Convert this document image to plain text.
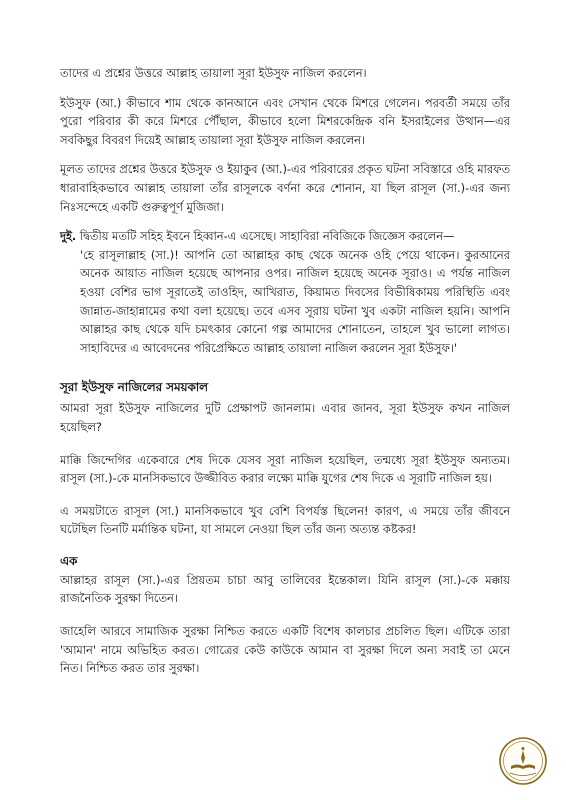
তাদের এ প্রশ্নের উত্তরে আল্লাহ তায়ালা সূরা ইউসুফ নাজিল করলেন।

ইউসুফ (আ.) কীভাবে শাম থেকে কানআনে এবং সেখান থেকে মিশরে গেলেন। পরবর্তী সময়ে তাঁর পুরো পরিবার কী করে মিশরে পৌঁছাল, কীভাবে হলো মিশরকেন্দ্রিক বনি ইসরাইলের উত্থান—এর সবকিছুর বিবরণ দিয়েই আল্লাহ তায়ালা সূরা ইউসুফ নাজিল করলেন।

মূলত তাদের প্রশ্নের উত্তরে ইউসুফ ও ইয়াকুব (আ.)-এর পরিবারের প্রকৃত ঘটনা সবিস্তারে ওহি মারফত ধারাবাহিকভাবে আল্লাহ তায়ালা তাঁর রাসূলকে বর্ণনা করে শোনান, যা ছিল রাসূল (সা.)-এর জন্য নিঃসন্দেহে একটি গুরুত্বপূর্ণ মুজিজা।

দুই. দ্বিতীয় মতটি সহিহ ইবনে হিব্বান-এ এসেছে। সাহাবিরা নবিজিকে জিজ্ঞেস করলেন—

'হে রাসূলাল্লাহ (সা.)! আপনি তো আল্লাহর কাছ থেকে অনেক ওহি পেয়ে থাকেন। কুরআনের অনেক আয়াত নাজিল হয়েছে আপনার ওপর। নাজিল হয়েছে অনেক সূরাও। এ পর্যন্ত নাজিল হওয়া বেশির ভাগ সূরাতেই তাওহিদ, আখিরাত, কিয়ামত দিবসের বিভীষিকাময় পরিস্থিতি এবং জান্নাত-জাহান্নামের কথা বলা হয়েছে। তবে এসব সূরায় ঘটনা খুব একটা নাজিল হয়নি। আপনি আল্লাহর কাছ থেকে যদি চমৎকার কোনো গল্প আমাদের শোনাতেন, তাহলে খুব ভালো লাগত। সাহাবিদের এ আবেদনের পরিপ্রেক্ষিতে আল্লাহ তায়ালা নাজিল করলেন সূরা ইউসুফ।'

সূরা ইউসুফ নাজিলের সময়কাল

আমরা সূরা ইউসুফ নাজিলের দুটি প্রেক্ষাপট জানলাম। এবার জানব, সূরা ইউসুফ কখন নাজিল হয়েছিল?

মাক্কি জিন্দেগির একেবারে শেষ দিকে যেসব সূরা নাজিল হয়েছিল, তন্মধ্যে সূরা ইউসুফ অন্যতম। রাসূল (সা.)-কে মানসিকভাবে উজ্জীবিত করার লক্ষ্যে মাক্কি যুগের শেষ দিকে এ সূরাটি নাজিল হয়।

এ সময়টাতে রাসূল (সা.) মানসিকভাবে খুব বেশি বিপর্যস্ত ছিলেন! কারণ, এ সময়ে তাঁর জীবনে ঘটেছিল তিনটি মর্মান্তিক ঘটনা, যা সামলে নেওয়া ছিল তাঁর জন্য অত্যন্ত কষ্টকর!

এক

আল্লাহর রাসূল (সা.)-এর প্রিয়তম চাচা আবু তালিবের ইন্তেকাল। যিনি রাসূল (সা.)-কে মক্কায় রাজনৈতিক সুরক্ষা দিতেন।

জাহেলি আরবে সামাজিক সুরক্ষা নিশ্চিত করতে একটি বিশেষ কালচার প্রচলিত ছিল। এটিকে তারা 'আমান' নামে অভিহিত করত। গোত্রের কেউ কাউকে আমান বা সুরক্ষা দিলে অন্য সবাই তা মেনে নিত। নিশ্চিত করত তার সুরক্ষা।
